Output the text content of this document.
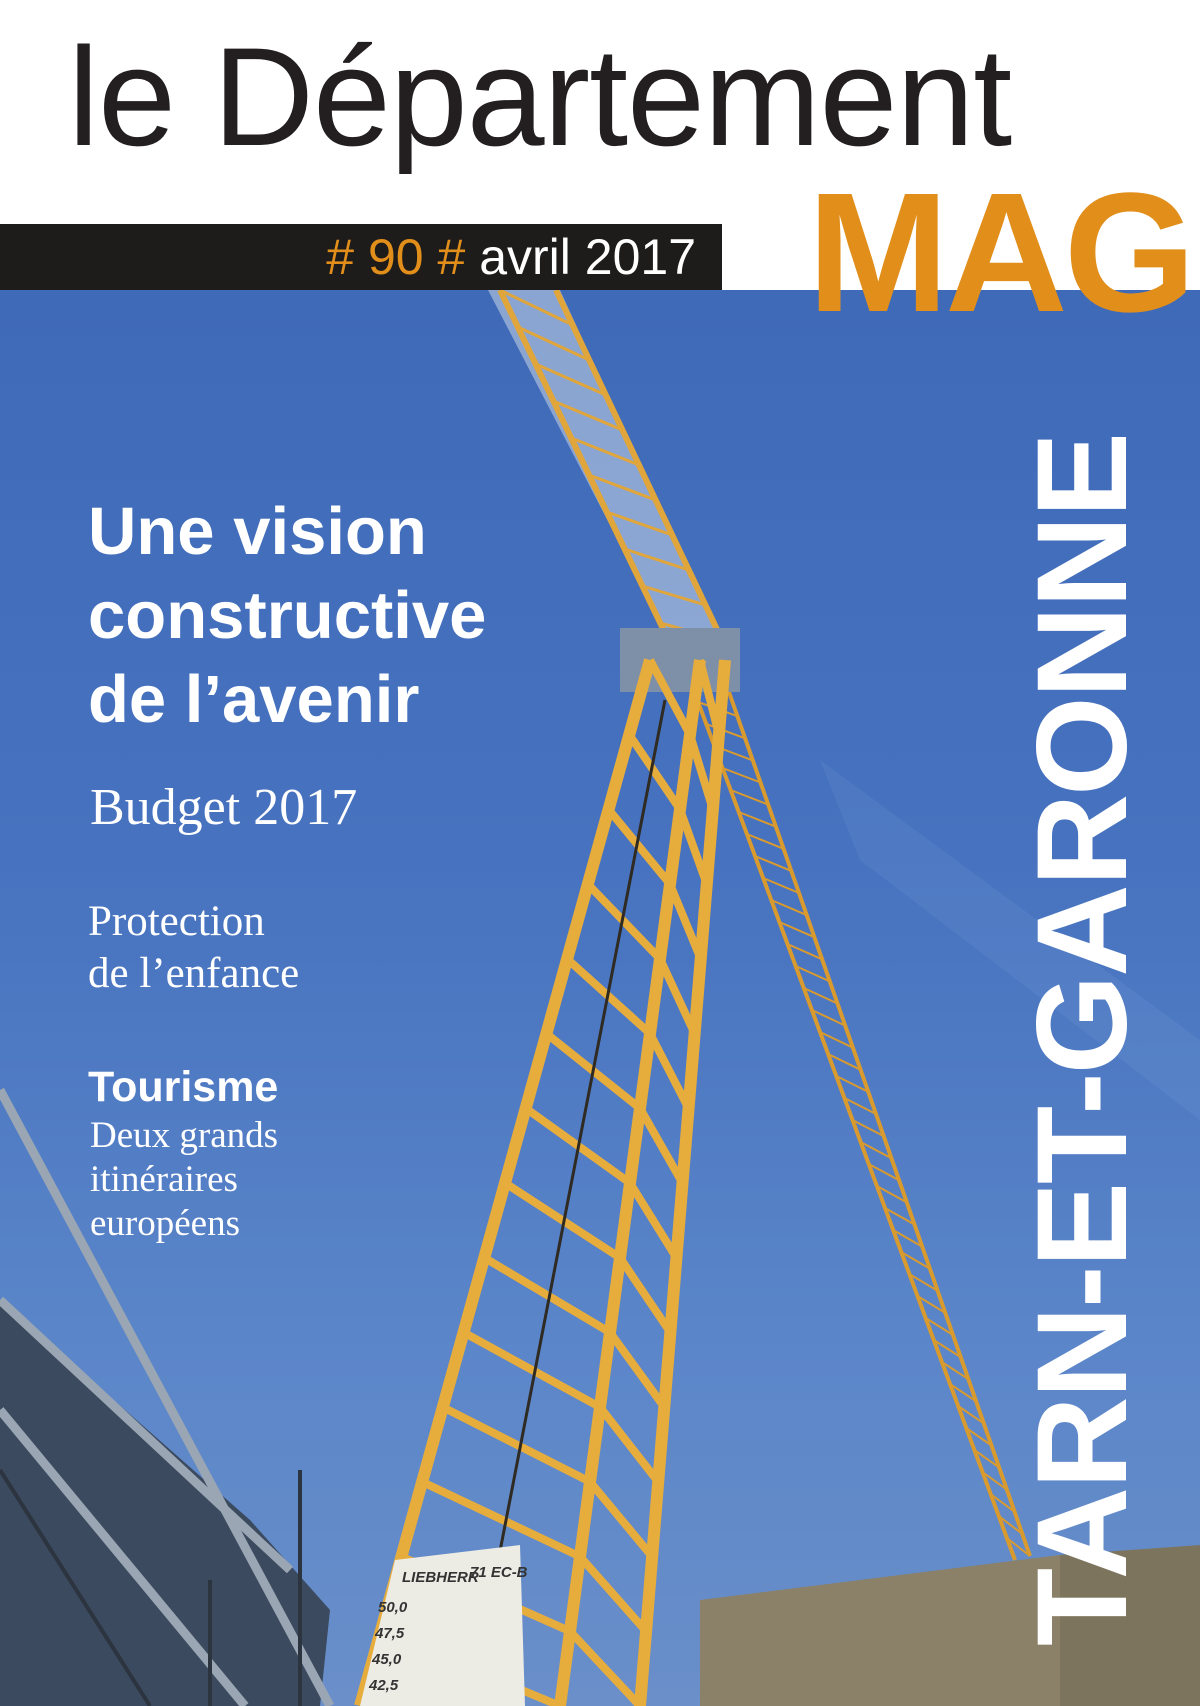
LIEBHERR
71 EC-B
50,0
47,5
45,0
42,5
le Département
# 90 # avril 2017 MAG
TARN-ET-GARONNE
Une vision
constructive
de l’avenir
Budget 2017
Protection
de l’enfance
Tourisme
Deux grands
itinéraires
européens
